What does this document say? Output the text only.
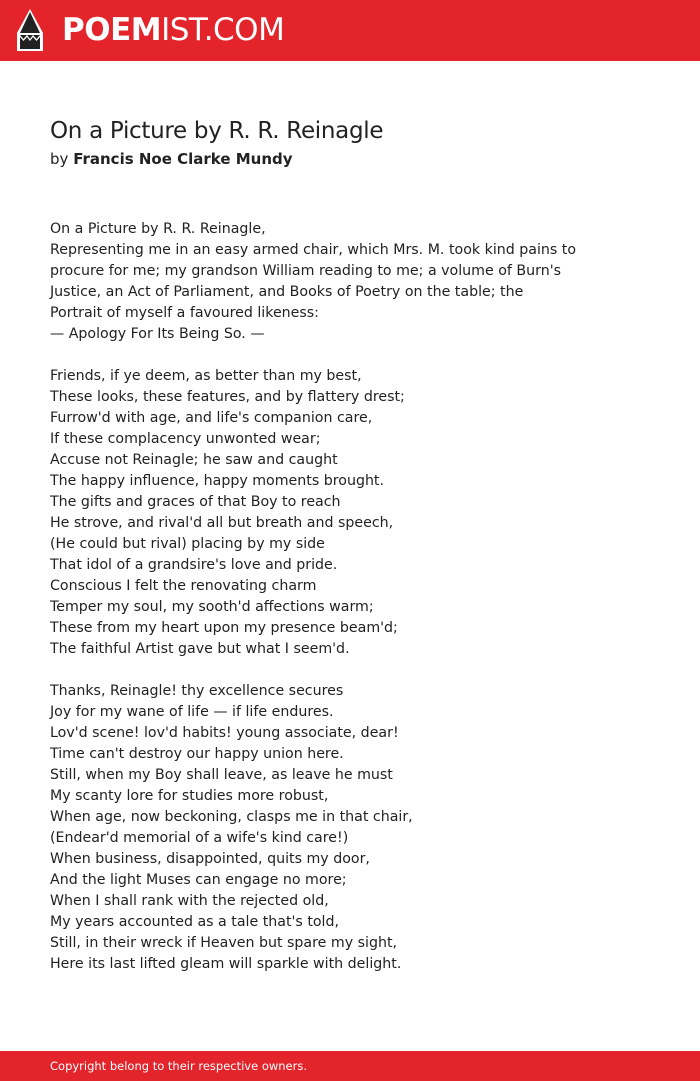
POEMIST.COM
On a Picture by R. R. Reinagle
by Francis Noe Clarke Mundy
On a Picture by R. R. Reinagle,
Representing me in an easy armed chair, which Mrs. M. took kind pains to
procure for me; my grandson William reading to me; a volume of Burn's
Justice, an Act of Parliament, and Books of Poetry on the table; the
Portrait of myself a favoured likeness:
— Apology For Its Being So. —
Friends, if ye deem, as better than my best,
These looks, these features, and by flattery drest;
Furrow'd with age, and life's companion care,
If these complacency unwonted wear;
Accuse not Reinagle; he saw and caught
The happy influence, happy moments brought.
The gifts and graces of that Boy to reach
He strove, and rival'd all but breath and speech,
(He could but rival) placing by my side
That idol of a grandsire's love and pride.
Conscious I felt the renovating charm
Temper my soul, my sooth'd affections warm;
These from my heart upon my presence beam'd;
The faithful Artist gave but what I seem'd.
Thanks, Reinagle! thy excellence secures
Joy for my wane of life — if life endures.
Lov'd scene! lov'd habits! young associate, dear!
Time can't destroy our happy union here.
Still, when my Boy shall leave, as leave he must
My scanty lore for studies more robust,
When age, now beckoning, clasps me in that chair,
(Endear'd memorial of a wife's kind care!)
When business, disappointed, quits my door,
And the light Muses can engage no more;
When I shall rank with the rejected old,
My years accounted as a tale that's told,
Still, in their wreck if Heaven but spare my sight,
Here its last lifted gleam will sparkle with delight.
Copyright belong to their respective owners.
